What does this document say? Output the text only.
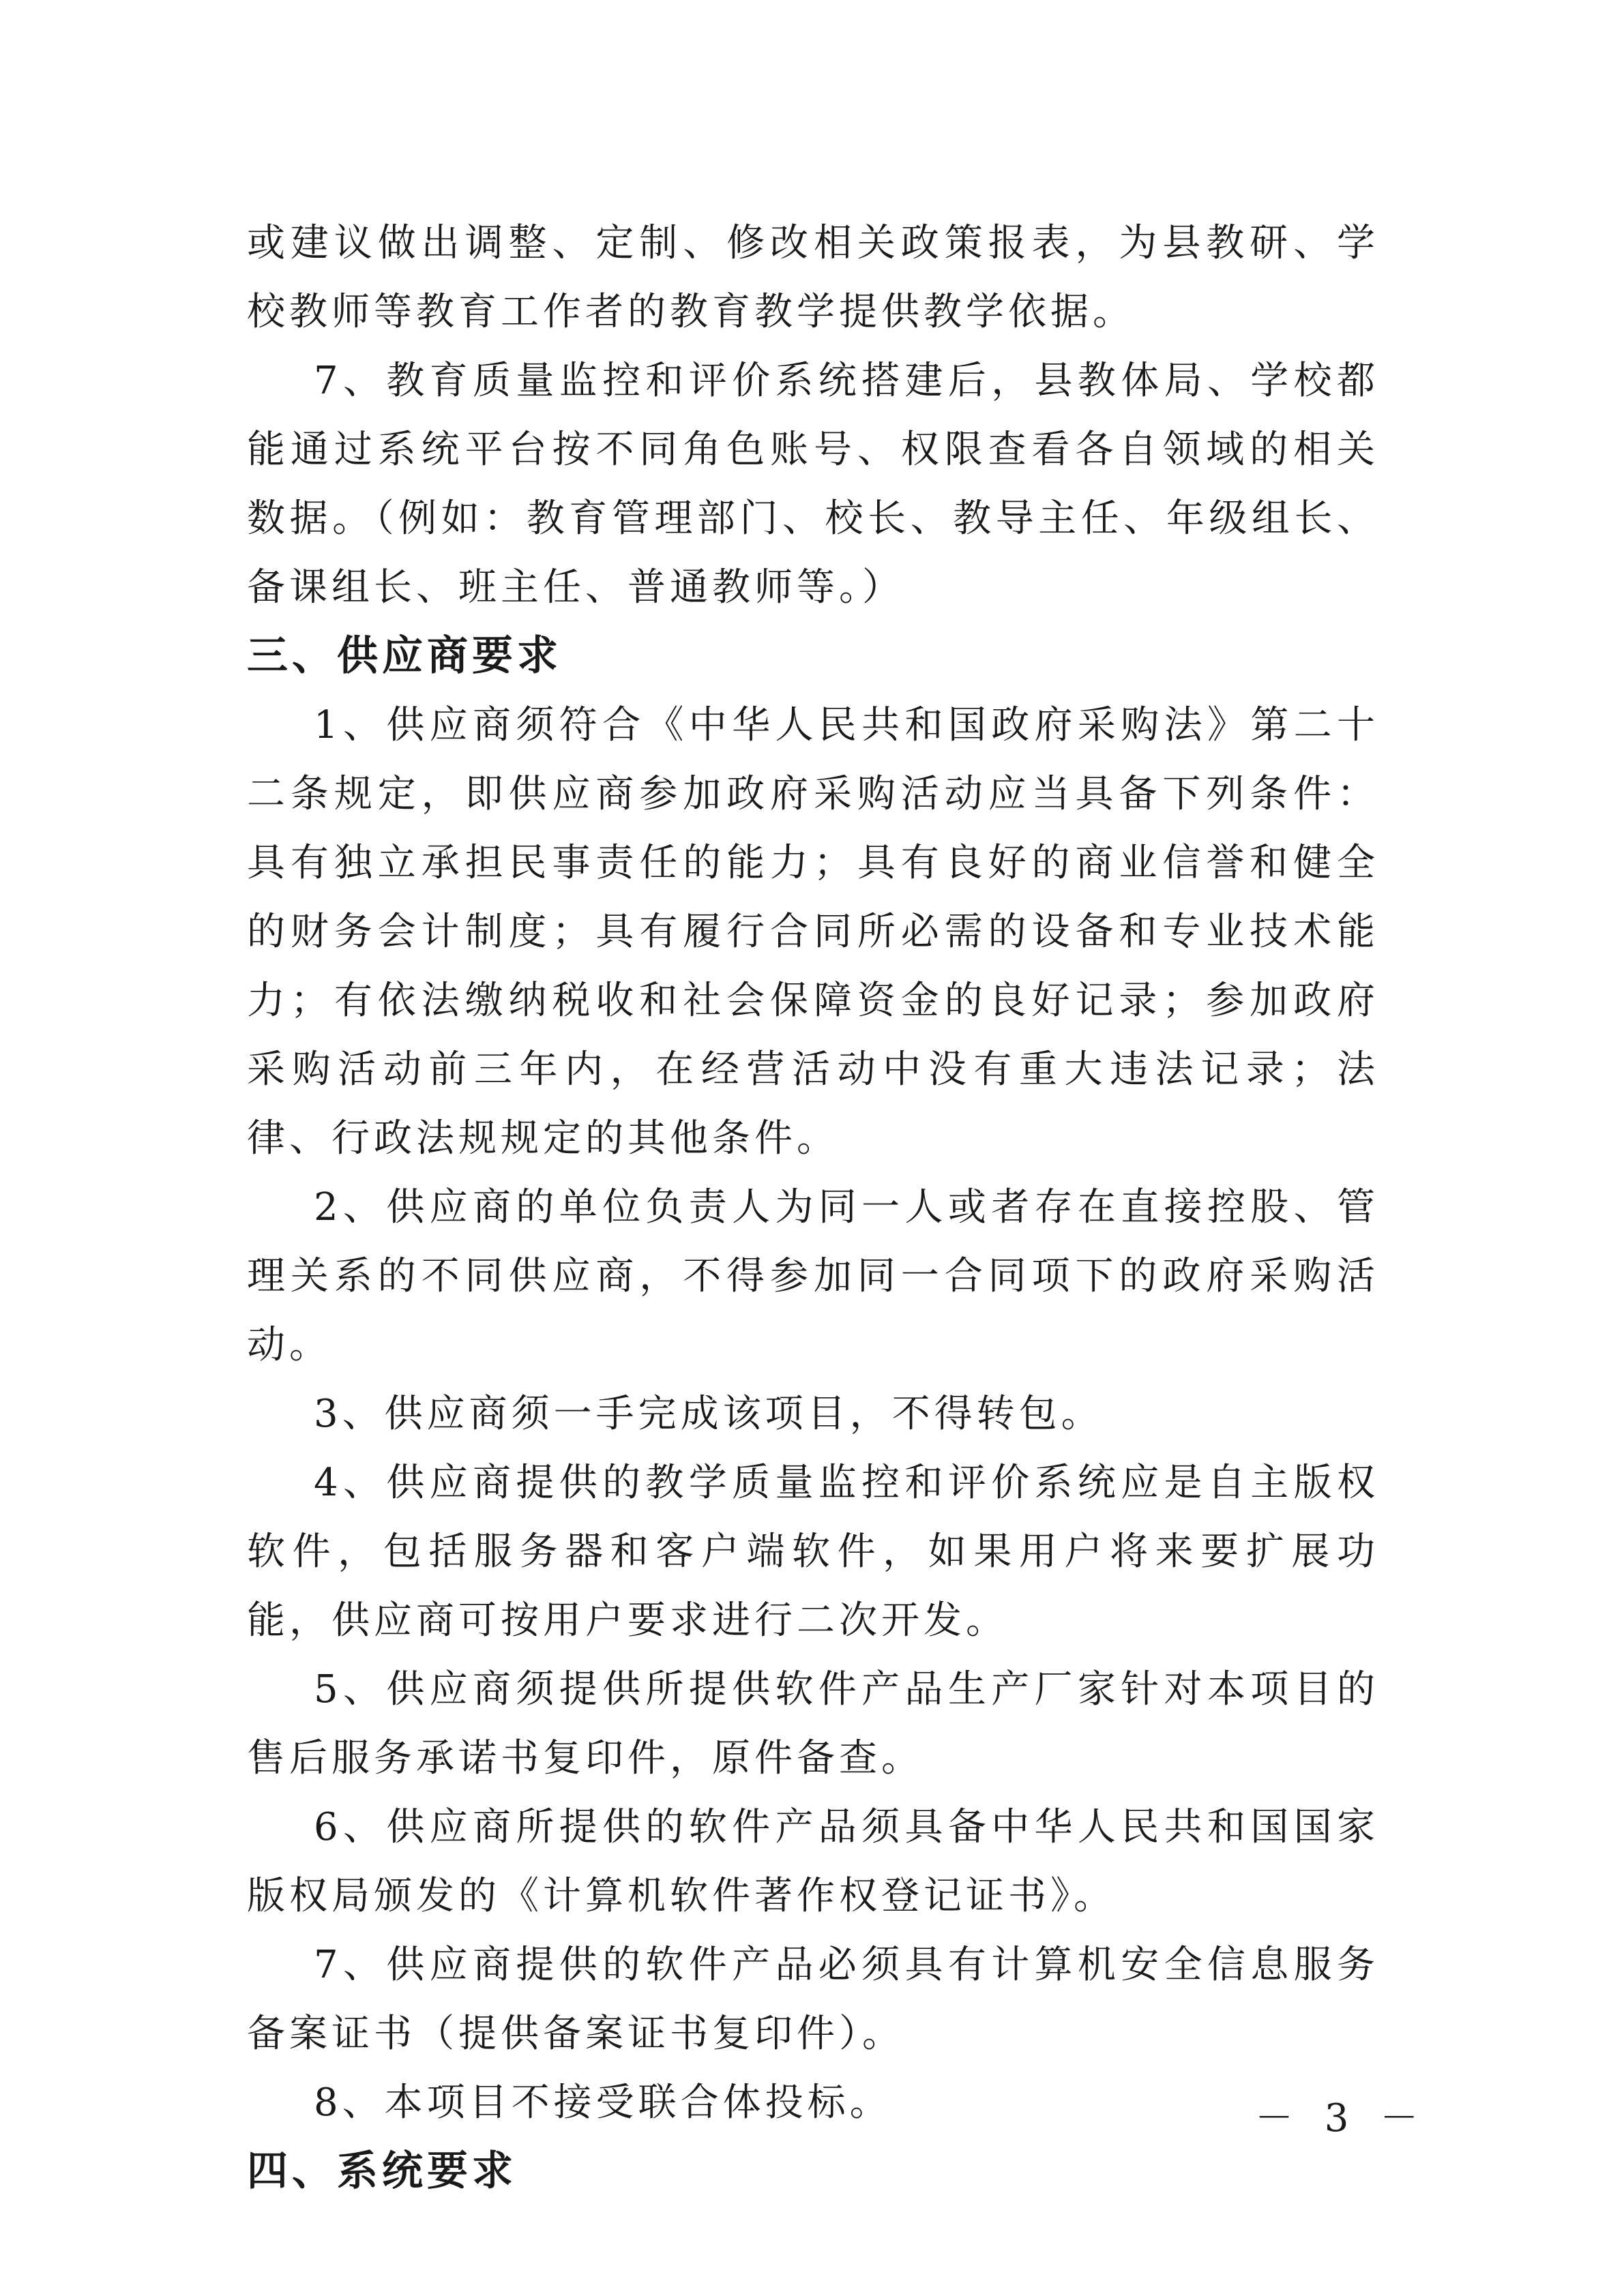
或建议做出调整、定制、修改相关政策报表，为县教研、学校教师等教育工作者的教育教学提供教学依据。

7、教育质量监控和评价系统搭建后，县教体局、学校都能通过系统平台按不同角色账号、权限查看各自领域的相关数据。（例如：教育管理部门、校长、教导主任、年级组长、备课组长、班主任、普通教师等。）

三、供应商要求

1、供应商须符合《中华人民共和国政府采购法》第二十二条规定，即供应商参加政府采购活动应当具备下列条件：具有独立承担民事责任的能力；具有良好的商业信誉和健全的财务会计制度；具有履行合同所必需的设备和专业技术能力；有依法缴纳税收和社会保障资金的良好记录；参加政府采购活动前三年内，在经营活动中没有重大违法记录；法律、行政法规规定的其他条件。

2、供应商的单位负责人为同一人或者存在直接控股、管理关系的不同供应商，不得参加同一合同项下的政府采购活动。

3、供应商须一手完成该项目，不得转包。

4、供应商提供的教学质量监控和评价系统应是自主版权软件，包括服务器和客户端软件，如果用户将来要扩展功能，供应商可按用户要求进行二次开发。

5、供应商须提供所提供软件产品生产厂家针对本项目的售后服务承诺书复印件，原件备查。

6、供应商所提供的软件产品须具备中华人民共和国国家版权局颁发的《计算机软件著作权登记证书》。

7、供应商提供的软件产品必须具有计算机安全信息服务备案证书（提供备案证书复印件）。

8、本项目不接受联合体投标。

四、系统要求
－ 3 －
